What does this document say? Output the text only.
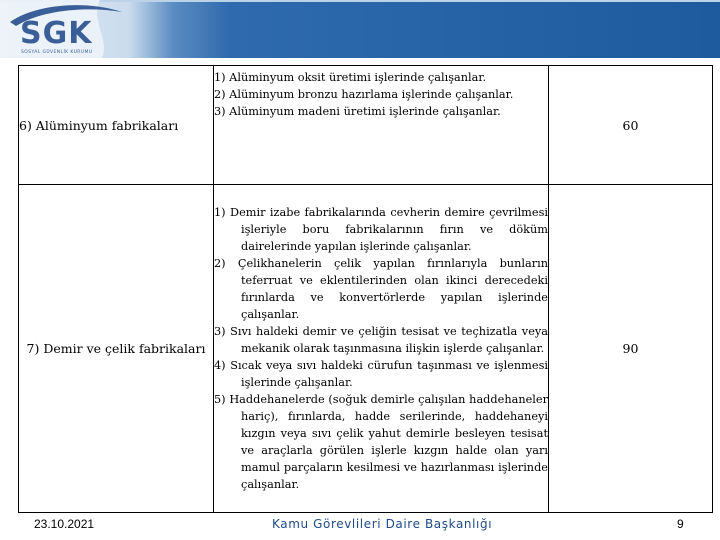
SGK
SOSYAL GÜVENLİK KURUMU
6) Alüminyum fabrikaları	1) Alüminyum oksit üretimi işlerinde çalışanlar.
2) Alüminyum bronzu hazırlama işlerinde çalışanlar.
3) Alüminyum madeni üretimi işlerinde çalışanlar.	60
7) Demir ve çelik fabrikaları	1) Demir izabe fabrikalarında cevherin demire çevrilmesi işleriyle boru fabrikalarının fırın ve döküm dairelerinde yapılan işlerinde çalışanlar.
2) Çelikhanelerin çelik yapılan fırınlarıyla bunların teferruat ve eklentilerinden olan ikinci derecedeki fırınlarda ve konvertörlerde yapılan işlerinde çalışanlar.
3) Sıvı haldeki demir ve çeliğin tesisat ve teçhizatla veya mekanik olarak taşınmasına ilişkin işlerde çalışanlar.
4) Sıcak veya sıvı haldeki cürufun taşınması ve işlenmesi işlerinde çalışanlar.
5) Haddehanelerde (soğuk demirle çalışılan haddehaneler hariç), fırınlarda, hadde serilerinde, haddehaneyi kızgın veya sıvı çelik yahut demirle besleyen tesisat ve araçlarla görülen işlerle kızgın halde olan yarı mamul parçaların kesilmesi ve hazırlanması işlerinde çalışanlar.	90
23.10.2021	Kamu Görevlileri Daire Başkanlığı	9
